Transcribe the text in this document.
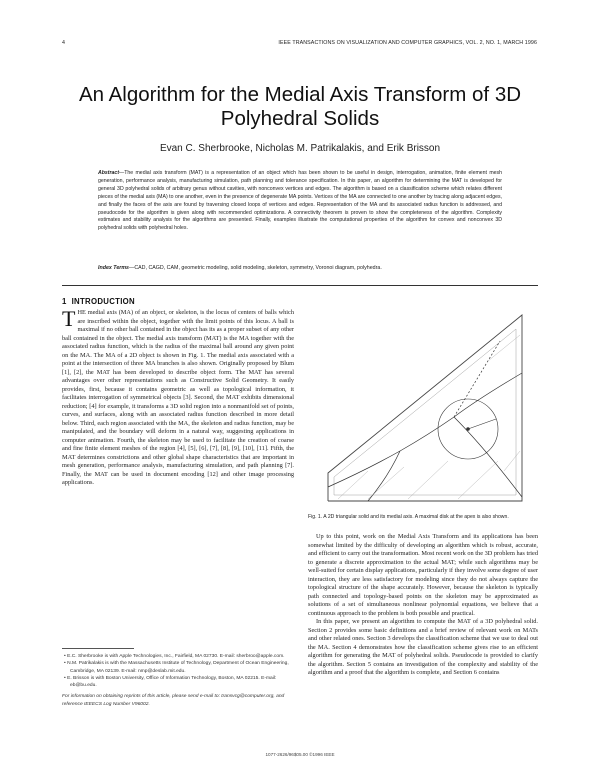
4	IEEE TRANSACTIONS ON VISUALIZATION AND COMPUTER GRAPHICS, VOL. 2, NO. 1, MARCH 1996
An Algorithm for the Medial Axis Transform of 3D Polyhedral Solids
Evan C. Sherbrooke, Nicholas M. Patrikalakis, and Erik Brisson
Abstract—The medial axis transform (MAT) is a representation of an object which has been shown to be useful in design, interrogation, animation, finite element mesh generation, performance analysis, manufacturing simulation, path planning and tolerance specification. In this paper, an algorithm for determining the MAT is developed for general 3D polyhedral solids of arbitrary genus without cavities, with nonconvex vertices and edges. The algorithm is based on a classification scheme which relates different pieces of the medial axis (MA) to one another, even in the presence of degenerate MA points. Vertices of the MA are connected to one another by tracing along adjacent edges, and finally the faces of the axis are found by traversing closed loops of vertices and edges. Representation of the MA and its associated radius function is addressed, and pseudocode for the algorithm is given along with recommended optimizations. A connectivity theorem is proven to show the completeness of the algorithm. Complexity estimates and stability analysis for the algorithms are presented. Finally, examples illustrate the computational properties of the algorithm for convex and nonconvex 3D polyhedral solids with polyhedral holes.
Index Terms—CAD, CAGD, CAM, geometric modeling, solid modeling, skeleton, symmetry, Voronoi diagram, polyhedra.
1 INTRODUCTION

THE medial axis (MA) of an object, or skeleton, is the locus of centers of balls which are inscribed within the object, together with the limit points of this locus. A ball is maximal if no other ball contained in the object has its as a proper subset of any other ball contained in the object. The medial axis transform (MAT) is the MA together with the associated radius function, which is the radius of the maximal ball around any given point on the MA. The MA of a 2D object is shown in Fig. 1. The medial axis associated with a point at the intersection of three MA branches is also shown. Originally proposed by Blum [1], [2], the MAT has been developed to describe object form. The MAT has several advantages over other representations such as Constructive Solid Geometry. It easily provides, first, because it contains geometric as well as topological information, it facilitates interrogation of symmetrical objects [3]. Second, the MAT exhibits dimensional reduction; [4] for example, it transforms a 3D solid region into a nonmanifold set of points, curves, and surfaces, along with an associated radius function described in more detail below. Third, each region associated with the MA, the skeleton and radius function, may be manipulated, and the boundary will deform in a natural way, suggesting applications in computer animation. Fourth, the skeleton may be used to facilitate the creation of coarse and fine finite element meshes of the region [4], [5], [6], [7], [8], [9], [10], [11]. Fifth, the MAT determines constrictions and other global shape characteristics that are important in mesh generation, performance analysis, manufacturing simulation, and path planning [7]. Finally, the MAT can be used in document encoding [12] and other image processing applications.

• E.C. Sherbrooke is with Apple Technologies, Inc., Fairfield, MA 02730. E-mail: sherbroo@apple.com.
• N.M. Patrikalakis is with the Massachusetts Institute of Technology, Department of Ocean Engineering, Cambridge, MA 02139. E-mail: nmp@deslab.mit.edu.
• E. Brisson is with Boston University, Office of Information Technology, Boston, MA 02215. E-mail: eb@bu.edu.
For information on obtaining reprints of this article, please send e-mail to: transvcg@computer.org, and reference IEEECS Log Number V96002.
Fig. 1. A 2D triangular solid and its medial axis. A maximal disk at the apex is also shown.

Up to this point, work on the Medial Axis Transform and its applications has been somewhat limited by the difficulty of developing an algorithm which is robust, accurate, and efficient to carry out the transformation. Most recent work on the 3D problem has tried to generate a discrete approximation to the actual MAT; while such algorithms may be well-suited for certain display applications, particularly if they involve some degree of user interaction, they are less satisfactory for modeling since they do not always capture the topological structure of the shape accurately. However, because the skeleton is typically path connected and topology-based points on the skeleton may be approximated as solutions of a set of simultaneous nonlinear polynomial equations, we believe that a continuous approach to the problem is both possible and practical.

In this paper, we present an algorithm to compute the MAT of a 3D polyhedral solid. Section 2 provides some basic definitions and a brief review of relevant work on MATs and other related ones. Section 3 develops the classification scheme that we use to deal out the MA. Section 4 demonstrates how the classification scheme gives rise to an efficient algorithm for generating the MAT of polyhedral solids. Pseudocode is provided to clarify the algorithm. Section 5 contains an investigation of the complexity and stability of the algorithm and a proof that the algorithm is complete, and Section 6 contains

1077-2626/96$05.00 ©1996 IEEE
